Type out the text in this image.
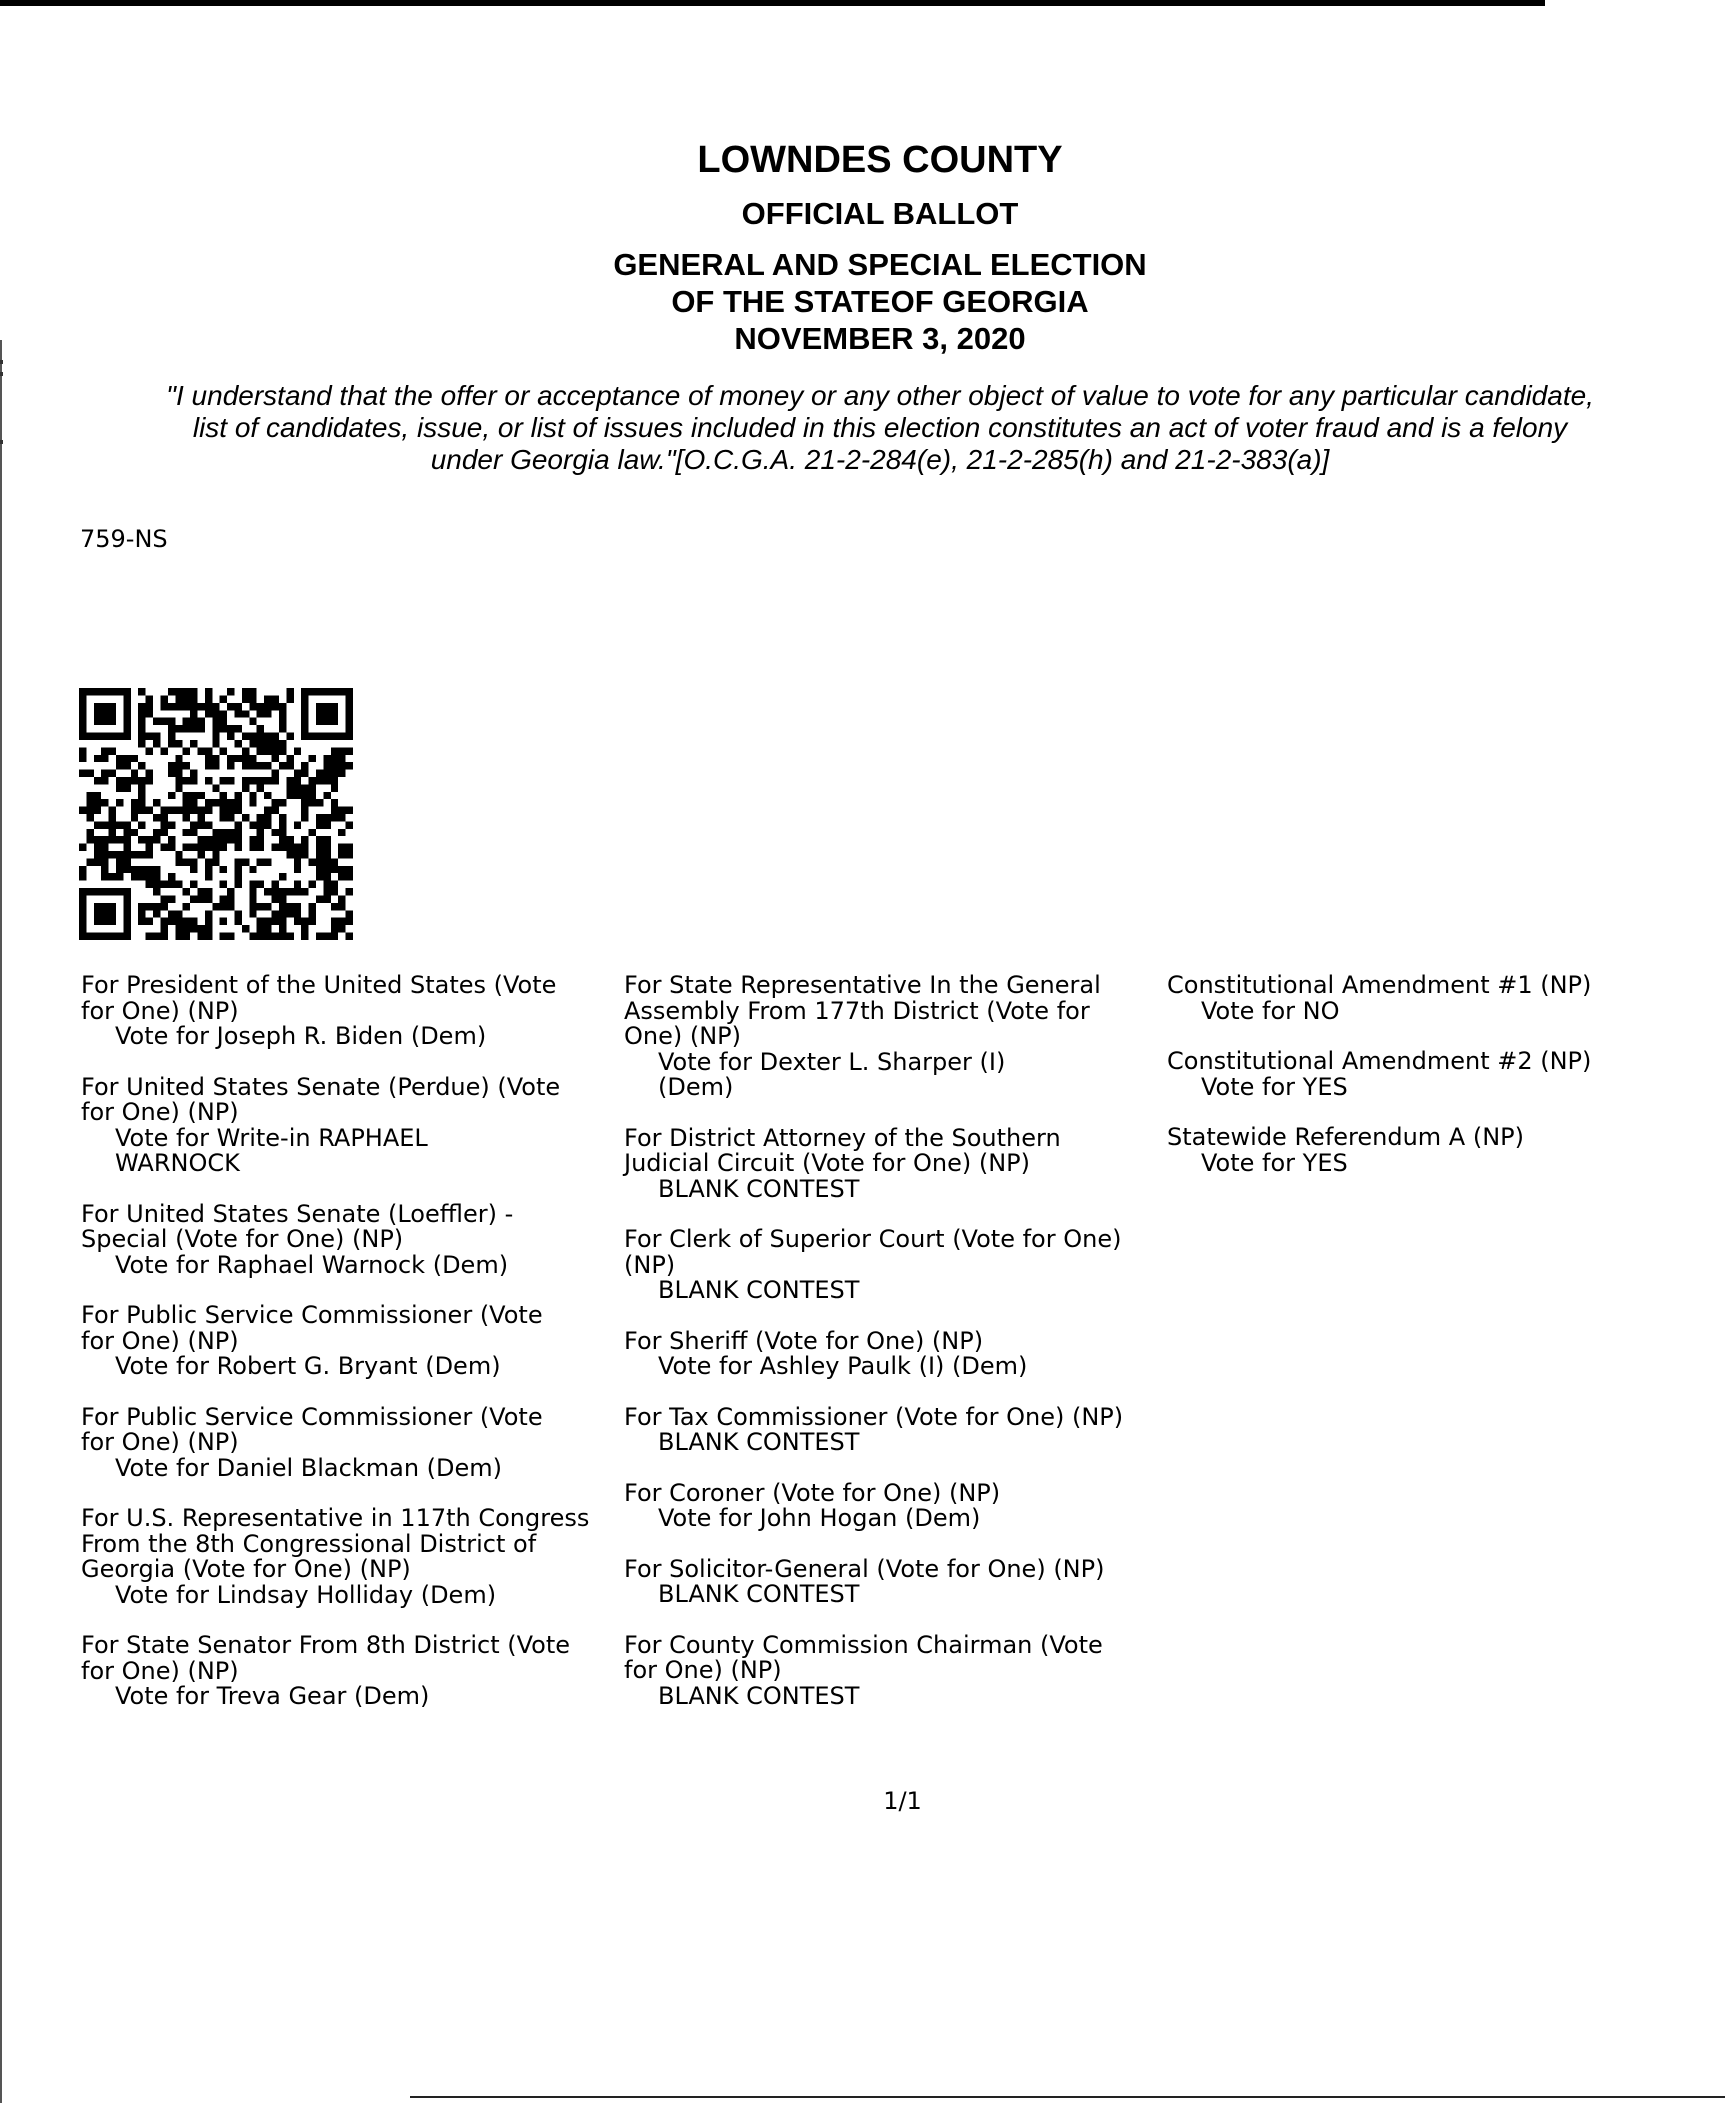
LOWNDES COUNTY
OFFICIAL BALLOT
GENERAL AND SPECIAL ELECTION
OF THE STATEOF GEORGIA
NOVEMBER 3, 2020
"I understand that the offer or acceptance of money or any other object of value to vote for any particular candidate,
list of candidates, issue, or list of issues included in this election constitutes an act of voter fraud and is a felony
under Georgia law."[O.C.G.A. 21-2-284(e), 21-2-285(h) and 21-2-383(a)]
759-NS
For President of the United States (Vote
for One) (NP)
Vote for Joseph R. Biden (Dem)
For United States Senate (Perdue) (Vote
for One) (NP)
Vote for Write-in RAPHAEL
WARNOCK
For United States Senate (Loeffler) -
Special (Vote for One) (NP)
Vote for Raphael Warnock (Dem)
For Public Service Commissioner (Vote
for One) (NP)
Vote for Robert G. Bryant (Dem)
For Public Service Commissioner (Vote
for One) (NP)
Vote for Daniel Blackman (Dem)
For U.S. Representative in 117th Congress
From the 8th Congressional District of
Georgia (Vote for One) (NP)
Vote for Lindsay Holliday (Dem)
For State Senator From 8th District (Vote
for One) (NP)
Vote for Treva Gear (Dem)
For State Representative In the General
Assembly From 177th District (Vote for
One) (NP)
Vote for Dexter L. Sharper (I)
(Dem)
For District Attorney of the Southern
Judicial Circuit (Vote for One) (NP)
BLANK CONTEST
For Clerk of Superior Court (Vote for One)
(NP)
BLANK CONTEST
For Sheriff (Vote for One) (NP)
Vote for Ashley Paulk (I) (Dem)
For Tax Commissioner (Vote for One) (NP)
BLANK CONTEST
For Coroner (Vote for One) (NP)
Vote for John Hogan (Dem)
For Solicitor-General (Vote for One) (NP)
BLANK CONTEST
For County Commission Chairman (Vote
for One) (NP)
BLANK CONTEST
Constitutional Amendment #1 (NP)
Vote for NO
Constitutional Amendment #2 (NP)
Vote for YES
Statewide Referendum A (NP)
Vote for YES
1/1
